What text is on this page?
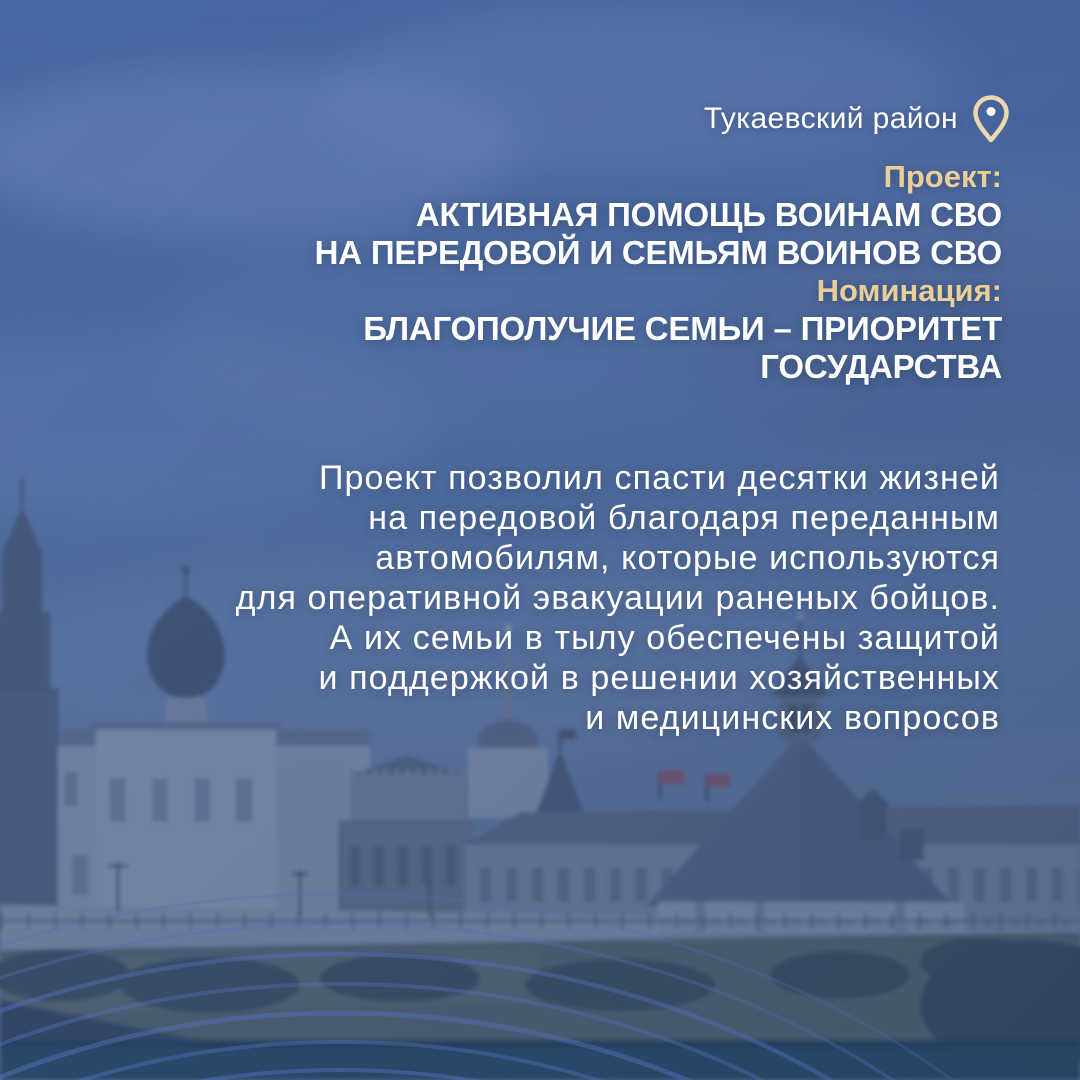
Тукаевский район
Проект:
АКТИВНАЯ ПОМОЩЬ ВОИНАМ СВО
НА ПЕРЕДОВОЙ И СЕМЬЯМ ВОИНОВ СВО
Номинация:
БЛАГОПОЛУЧИЕ СЕМЬИ – ПРИОРИТЕТ
ГОСУДАРСТВА
Проект позволил спасти десятки жизней
на передовой благодаря переданным
автомобилям, которые используются
для оперативной эвакуации раненых бойцов.
А их семьи в тылу обеспечены защитой
и поддержкой в решении хозяйственных
и медицинских вопросов
